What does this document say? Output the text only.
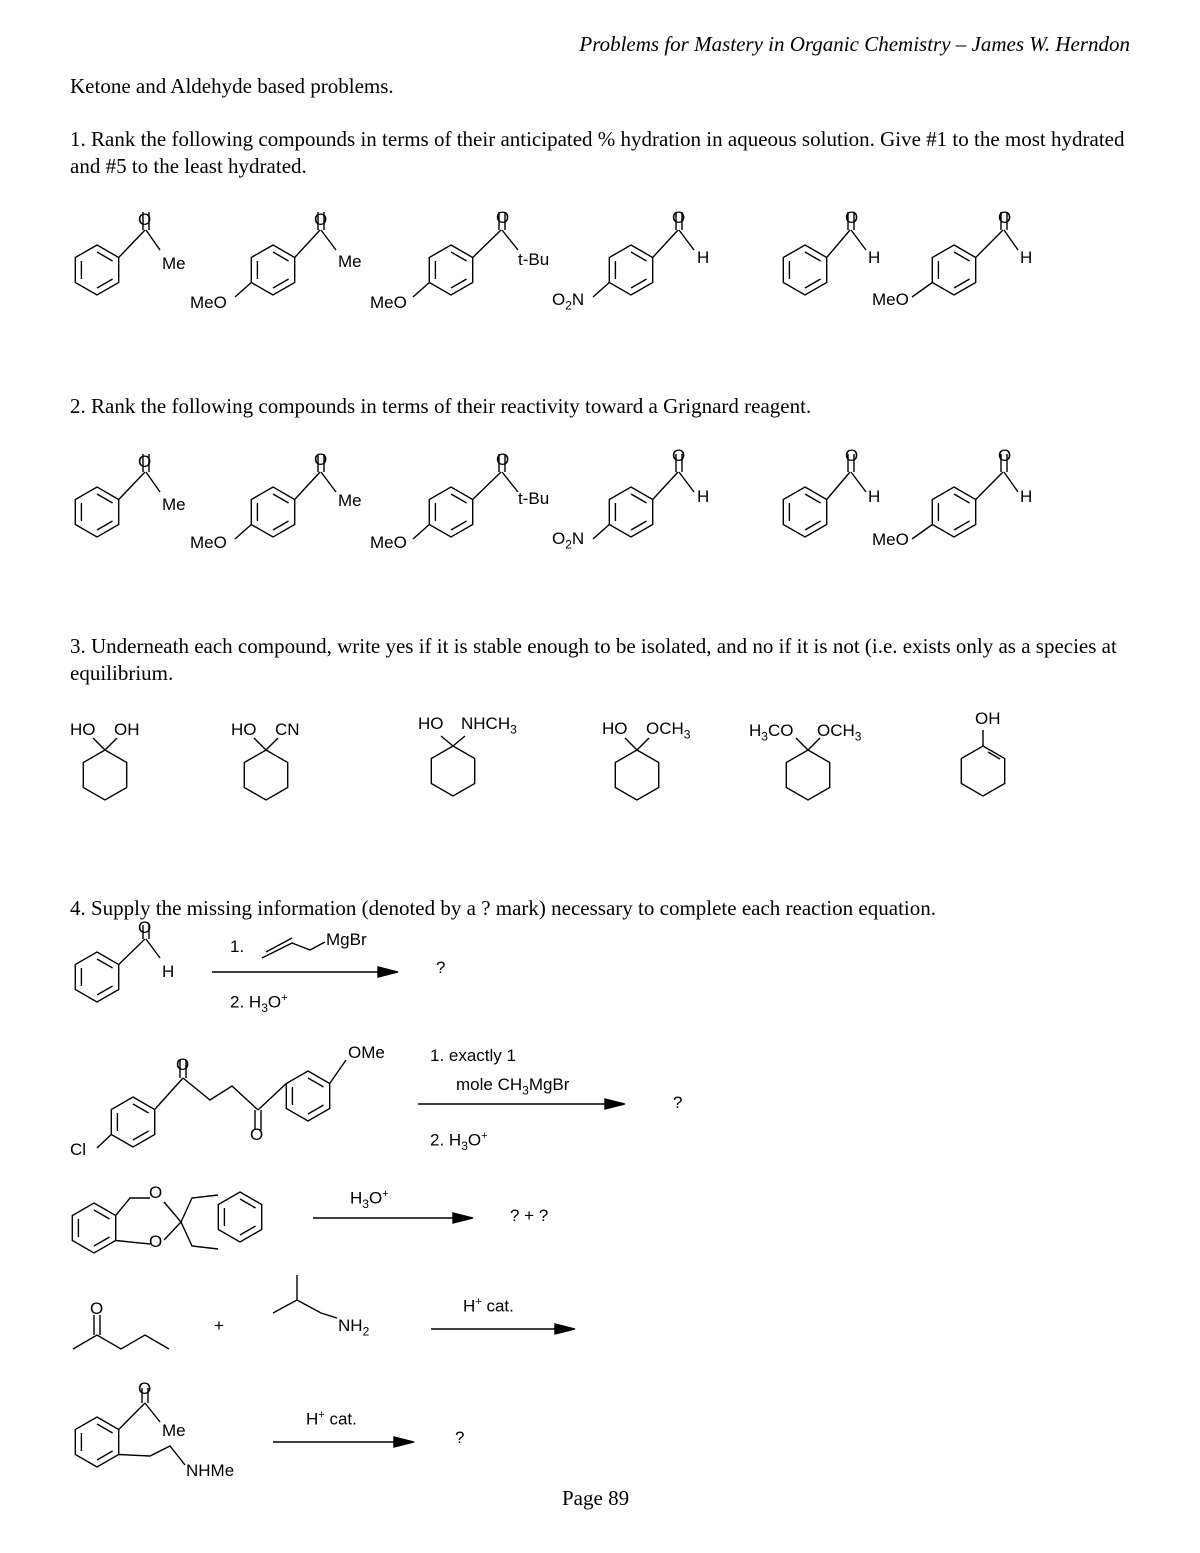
Problems for Mastery in Organic Chemistry – James W. Herndon
Ketone and Aldehyde based problems.
1. Rank the following compounds in terms of their anticipated % hydration in aqueous solution. Give #1 to the most hydrated and #5 to the least hydrated.
2. Rank the following compounds in terms of their reactivity toward a Grignard reagent.
3. Underneath each compound, write yes if it is stable enough to be isolated, and no if it is not (i.e. exists only as a species at equilibrium.
4. Supply the missing information (denoted by a ? mark) necessary to complete each reaction equation.
Page 89
O
Me
O
Me
MeO
O
t-Bu
MeO
O
H
$O_2N$
O
H
O
H
MeO
O
Me
O
Me
MeO
O
t-Bu
MeO
O
H
$O_2N$
O
H
O
H
MeO
HO OH	HO CN	HO $NHCH_3$	HO $OCH_3$	$H_3CO$ $OCH_3$
OH
O
H
1.	MgBr
2. $H_3O^+$
?
O
O
OMe
Cl
1. exactly 1
mole $CH_3MgBr$
2. $H_3O^+$
?
O
O
$H_3O^+$
? + ?
O
+	$NH_2$
H+ cat.
O
Me
NHMe
H+ cat.
?
